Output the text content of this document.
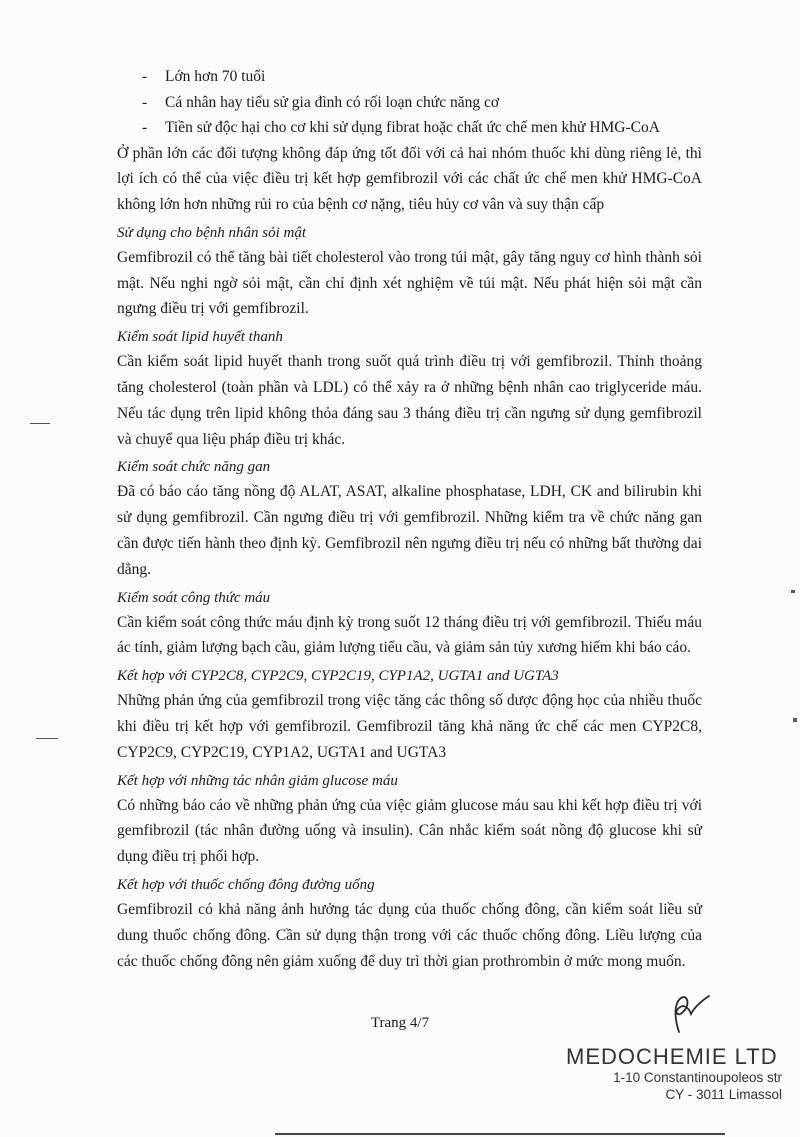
- Lớn hơn 70 tuổi
- Cá nhân hay tiểu sử gia đình có rối loạn chức năng cơ
- Tiền sử độc hại cho cơ khi sử dụng fibrat hoặc chất ức chế men khử HMG-CoA

Ở phần lớn các đối tượng không đáp ứng tốt đối với cả hai nhóm thuốc khi dùng riêng lẻ, thì lợi ích có thể của việc điều trị kết hợp gemfibrozil với các chất ức chế men khử HMG-CoA không lớn hơn những rủi ro của bệnh cơ nặng, tiêu hủy cơ vân và suy thận cấp

Sử dụng cho bệnh nhân sỏi mật

Gemfibrozil có thể tăng bài tiết cholesterol vào trong túi mật, gây tăng nguy cơ hình thành sỏi mật. Nếu nghi ngờ sỏi mật, cần chỉ định xét nghiệm về túi mật. Nếu phát hiện sỏi mật cần ngưng điều trị với gemfibrozil.

Kiểm soát lipid huyết thanh

Cần kiểm soát lipid huyết thanh trong suốt quá trình điều trị với gemfibrozil. Thỉnh thoảng tăng cholesterol (toàn phần và LDL) có thể xảy ra ở những bệnh nhân cao triglyceride máu. Nếu tác dụng trên lipid không thỏa đáng sau 3 tháng điều trị cần ngưng sử dụng gemfibrozil và chuyể qua liệu pháp điều trị khác.

Kiểm soát chức năng gan

Đã có báo cáo tăng nồng độ ALAT, ASAT, alkaline phosphatase, LDH, CK and bilirubin khi sử dụng gemfibrozil. Cần ngưng điều trị với gemfibrozil. Những kiểm tra về chức năng gan cần được tiến hành theo định kỳ. Gemfibrozil nên ngưng điều trị nếu có những bất thường dai dẳng.

Kiểm soát công thức máu

Cần kiểm soát công thức máu định kỳ trong suốt 12 tháng điều trị với gemfibrozil. Thiếu máu ác tính, giảm lượng bạch cầu, giảm lượng tiểu cầu, và giảm sản tủy xương hiếm khi báo cáo.

Kết hợp với CYP2C8, CYP2C9, CYP2C19, CYP1A2, UGTA1 and UGTA3

Những phản ứng của gemfibrozil trong việc tăng các thông số dược động học của nhiều thuốc khi điều trị kết hợp với gemfibrozil. Gemfibrozil tăng khả năng ức chế các men CYP2C8, CYP2C9, CYP2C19, CYP1A2, UGTA1 and UGTA3

Kết hợp với những tác nhân giảm glucose máu

Có những báo cáo về những phản ứng của việc giảm glucose máu sau khi kết hợp điều trị với gemfibrozil (tác nhân đường uống và insulin). Cân nhắc kiểm soát nồng độ glucose khi sử dụng điều trị phối hợp.

Kết hợp với thuốc chống đông đường uống

Gemfibrozil có khả năng ảnh hưởng tác dụng của thuốc chống đông, cần kiểm soát liều sử dung thuốc chống đông. Cần sử dụng thận trong với các thuốc chống đông. Liều lượng của các thuốc chống đông nên giảm xuống để duy trì thời gian prothrombin ở mức mong muốn.

Trang 4/7
MEDOCHEMIE LTD
1-10 Constantinoupoleos str
CY - 3011 Limassol
